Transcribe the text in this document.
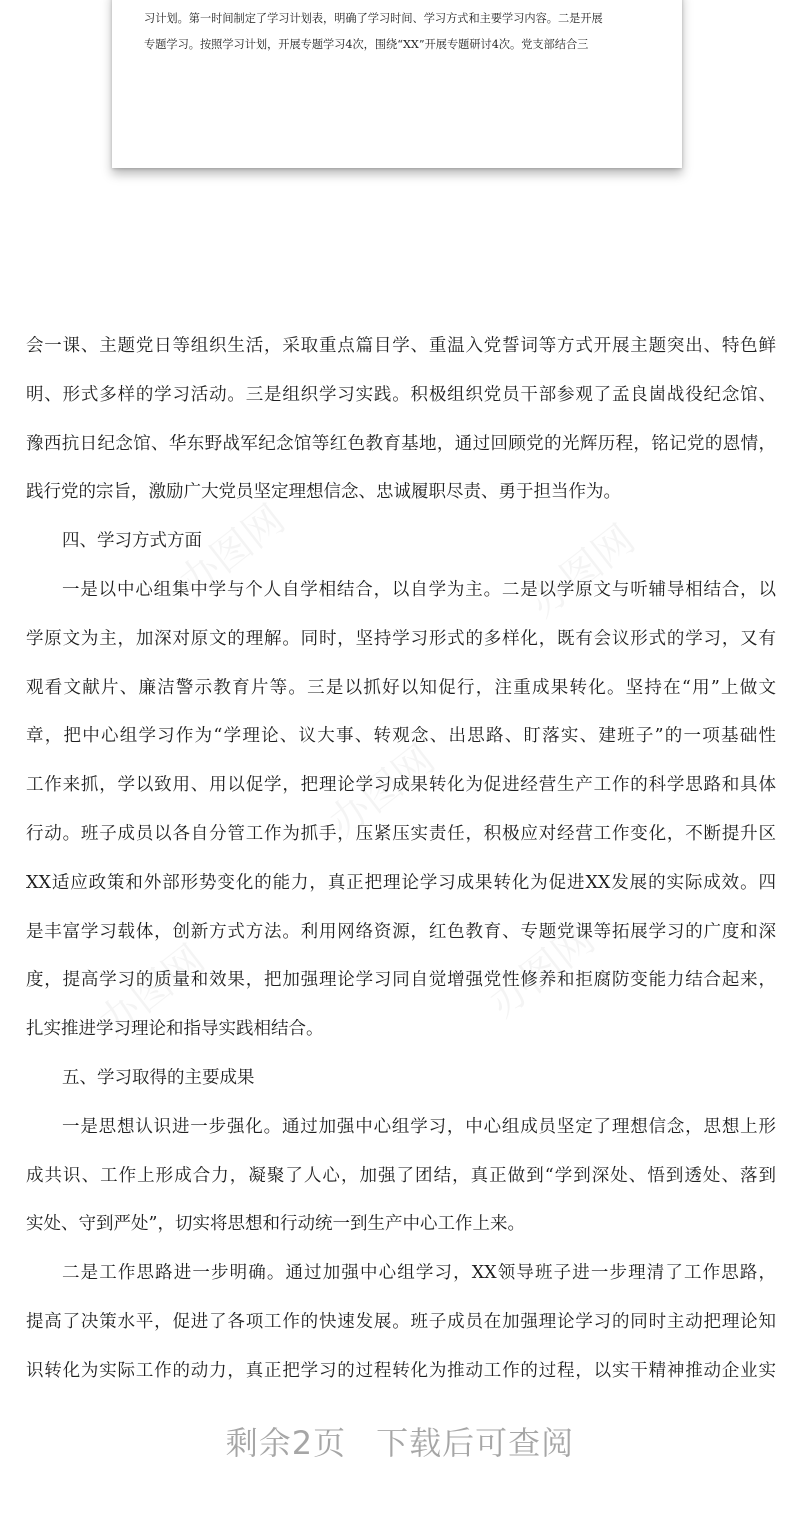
习计划。第一时间制定了学习计划表，明确了学习时间、学习方式和主要学习内容。二是开展
专题学习。按照学习计划，开展专题学习4次，围绕“XX”开展专题研讨4次。党支部结合三
会一课、主题党日等组织生活，采取重点篇目学、重温入党誓词等方式开展主题突出、特色鲜
明、形式多样的学习活动。三是组织学习实践。积极组织党员干部参观了孟良崮战役纪念馆、
豫西抗日纪念馆、华东野战军纪念馆等红色教育基地，通过回顾党的光辉历程，铭记党的恩情，
践行党的宗旨，激励广大党员坚定理想信念、忠诚履职尽责、勇于担当作为。
四、学习方式方面
一是以中心组集中学与个人自学相结合，以自学为主。二是以学原文与听辅导相结合，以
学原文为主，加深对原文的理解。同时，坚持学习形式的多样化，既有会议形式的学习，又有
观看文献片、廉洁警示教育片等。三是以抓好以知促行，注重成果转化。坚持在“用”上做文
章，把中心组学习作为“学理论、议大事、转观念、出思路、盯落实、建班子”的一项基础性
工作来抓，学以致用、用以促学，把理论学习成果转化为促进经营生产工作的科学思路和具体
行动。班子成员以各自分管工作为抓手，压紧压实责任，积极应对经营工作变化，不断提升区
XX适应政策和外部形势变化的能力，真正把理论学习成果转化为促进XX发展的实际成效。四
是丰富学习载体，创新方式方法。利用网络资源，红色教育、专题党课等拓展学习的广度和深
度，提高学习的质量和效果，把加强理论学习同自觉增强党性修养和拒腐防变能力结合起来，
扎实推进学习理论和指导实践相结合。
五、学习取得的主要成果
一是思想认识进一步强化。通过加强中心组学习，中心组成员坚定了理想信念，思想上形
成共识、工作上形成合力，凝聚了人心，加强了团结，真正做到“学到深处、悟到透处、落到
实处、守到严处”，切实将思想和行动统一到生产中心工作上来。
二是工作思路进一步明确。通过加强中心组学习，XX领导班子进一步理清了工作思路，
提高了决策水平，促进了各项工作的快速发展。班子成员在加强理论学习的同时主动把理论知
识转化为实际工作的动力，真正把学习的过程转化为推动工作的过程，以实干精神推动企业实
剩余2页 下载后可查阅
